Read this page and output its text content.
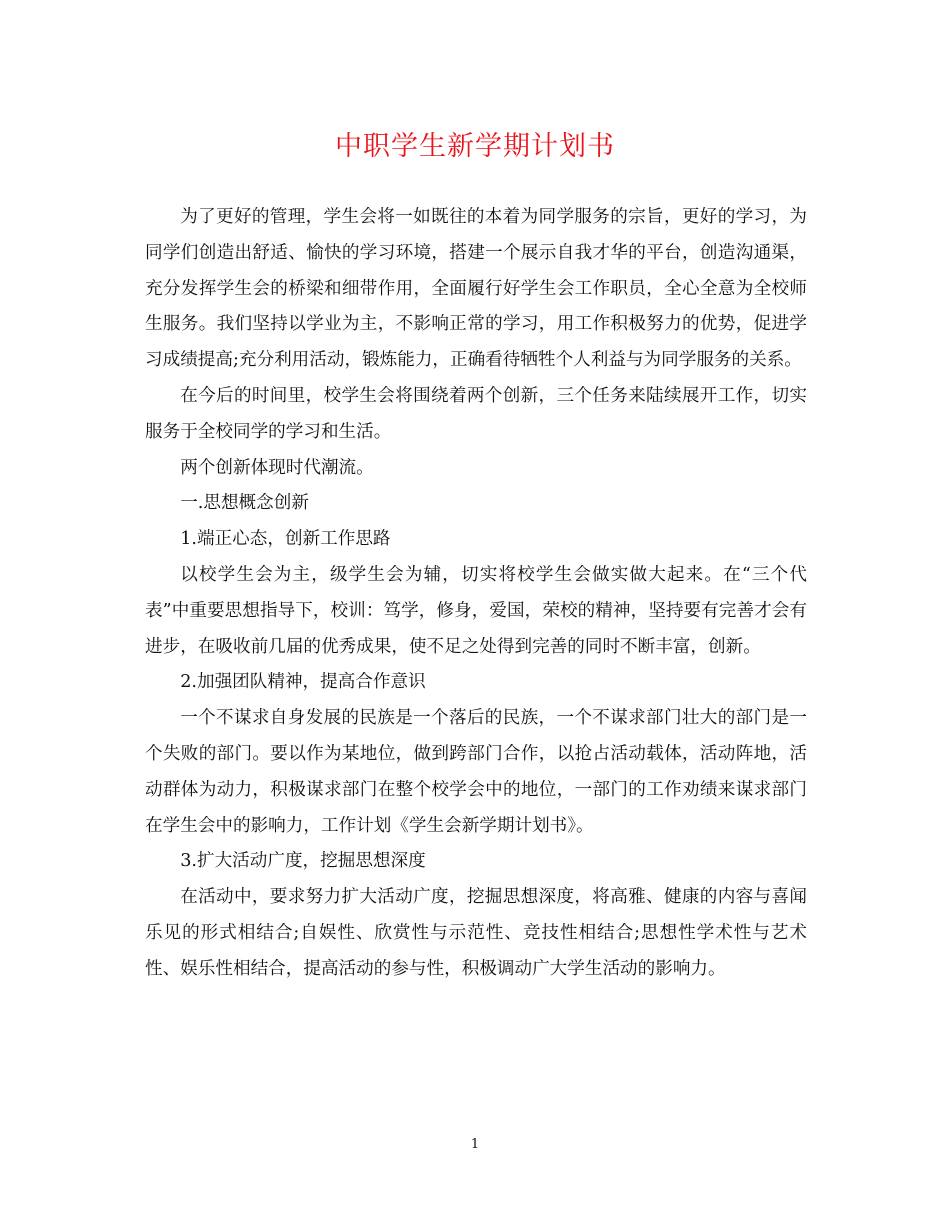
中职学生新学期计划书

为了更好的管理，学生会将一如既往的本着为同学服务的宗旨，更好的学习，为同学们创造出舒适、愉快的学习环境，搭建一个展示自我才华的平台，创造沟通渠，充分发挥学生会的桥梁和细带作用，全面履行好学生会工作职员，全心全意为全校师生服务。我们坚持以学业为主，不影响正常的学习，用工作积极努力的优势，促进学习成绩提高;充分利用活动，锻炼能力，正确看待牺牲个人利益与为同学服务的关系。

在今后的时间里，校学生会将围绕着两个创新，三个任务来陆续展开工作，切实服务于全校同学的学习和生活。

两个创新体现时代潮流。

一.思想概念创新

1.端正心态，创新工作思路

以校学生会为主，级学生会为辅，切实将校学生会做实做大起来。在“三个代表”中重要思想指导下，校训：笃学，修身，爱国，荣校的精神，坚持要有完善才会有进步，在吸收前几届的优秀成果，使不足之处得到完善的同时不断丰富，创新。

2.加强团队精神，提高合作意识

一个不谋求自身发展的民族是一个落后的民族，一个不谋求部门壮大的部门是一个失败的部门。要以作为某地位，做到跨部门合作，以抢占活动载体，活动阵地，活动群体为动力，积极谋求部门在整个校学会中的地位，一部门的工作劝绩来谋求部门在学生会中的影响力，工作计划《学生会新学期计划书》。

3.扩大活动广度，挖掘思想深度

在活动中，要求努力扩大活动广度，挖掘思想深度，将高雅、健康的内容与喜闻乐见的形式相结合;自娱性、欣赏性与示范性、竞技性相结合;思想性学术性与艺术性、娱乐性相结合，提高活动的参与性，积极调动广大学生活动的影响力。

1
